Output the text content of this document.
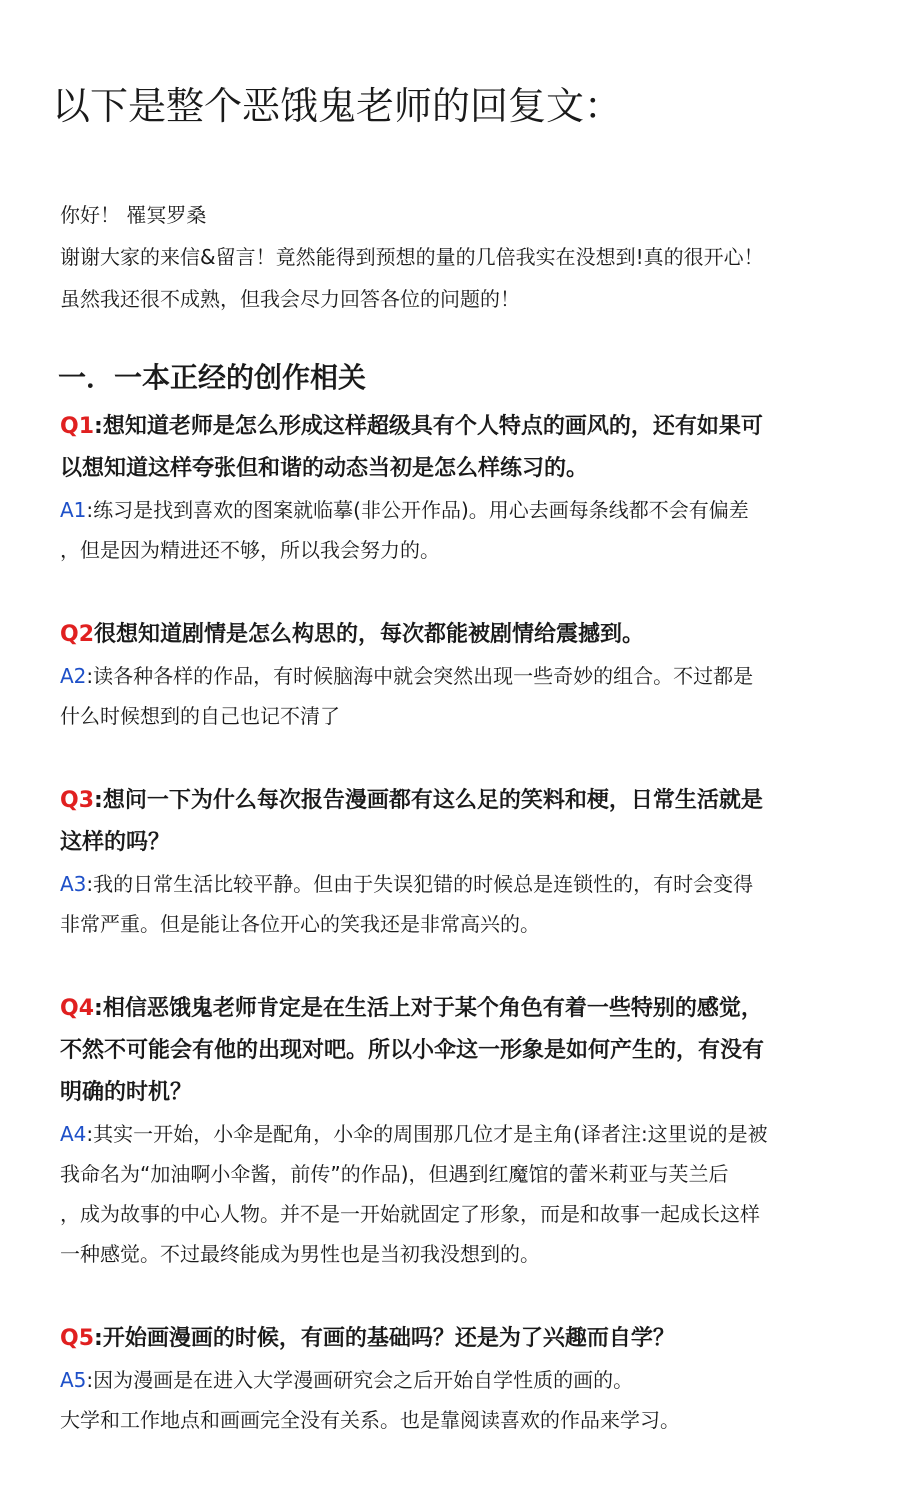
以下是整个恶饿鬼老师的回复文：

你好！ 罹冥罗桑

谢谢大家的来信&留言！竟然能得到预想的量的几倍我实在没想到!真的很开心！

虽然我还很不成熟，但我会尽力回答各位的问题的！

一．一本正经的创作相关

Q1:想知道老师是怎么形成这样超级具有个人特点的画风的，还有如果可
以想知道这样夸张但和谐的动态当初是怎么样练习的。

A1:练习是找到喜欢的图案就临摹(非公开作品)。用心去画每条线都不会有偏差
，但是因为精进还不够，所以我会努力的。

Q2很想知道剧情是怎么构思的，每次都能被剧情给震撼到。

A2:读各种各样的作品，有时候脑海中就会突然出现一些奇妙的组合。不过都是
什么时候想到的自己也记不清了

Q3:想问一下为什么每次报告漫画都有这么足的笑料和梗，日常生活就是
这样的吗？

A3:我的日常生活比较平静。但由于失误犯错的时候总是连锁性的，有时会变得
非常严重。但是能让各位开心的笑我还是非常高兴的。

Q4:相信恶饿鬼老师肯定是在生活上对于某个角色有着一些特别的感觉，
不然不可能会有他的出现对吧。所以小伞这一形象是如何产生的，有没有
明确的时机？

A4:其实一开始，小伞是配角，小伞的周围那几位才是主角(译者注:这里说的是被
我命名为“加油啊小伞酱，前传”的作品)，但遇到红魔馆的蕾米莉亚与芙兰后
，成为故事的中心人物。并不是一开始就固定了形象，而是和故事一起成长这样
一种感觉。不过最终能成为男性也是当初我没想到的。

Q5:开始画漫画的时候，有画的基础吗？还是为了兴趣而自学？

A5:因为漫画是在进入大学漫画研究会之后开始自学性质的画的。
大学和工作地点和画画完全没有关系。也是靠阅读喜欢的作品来学习。
